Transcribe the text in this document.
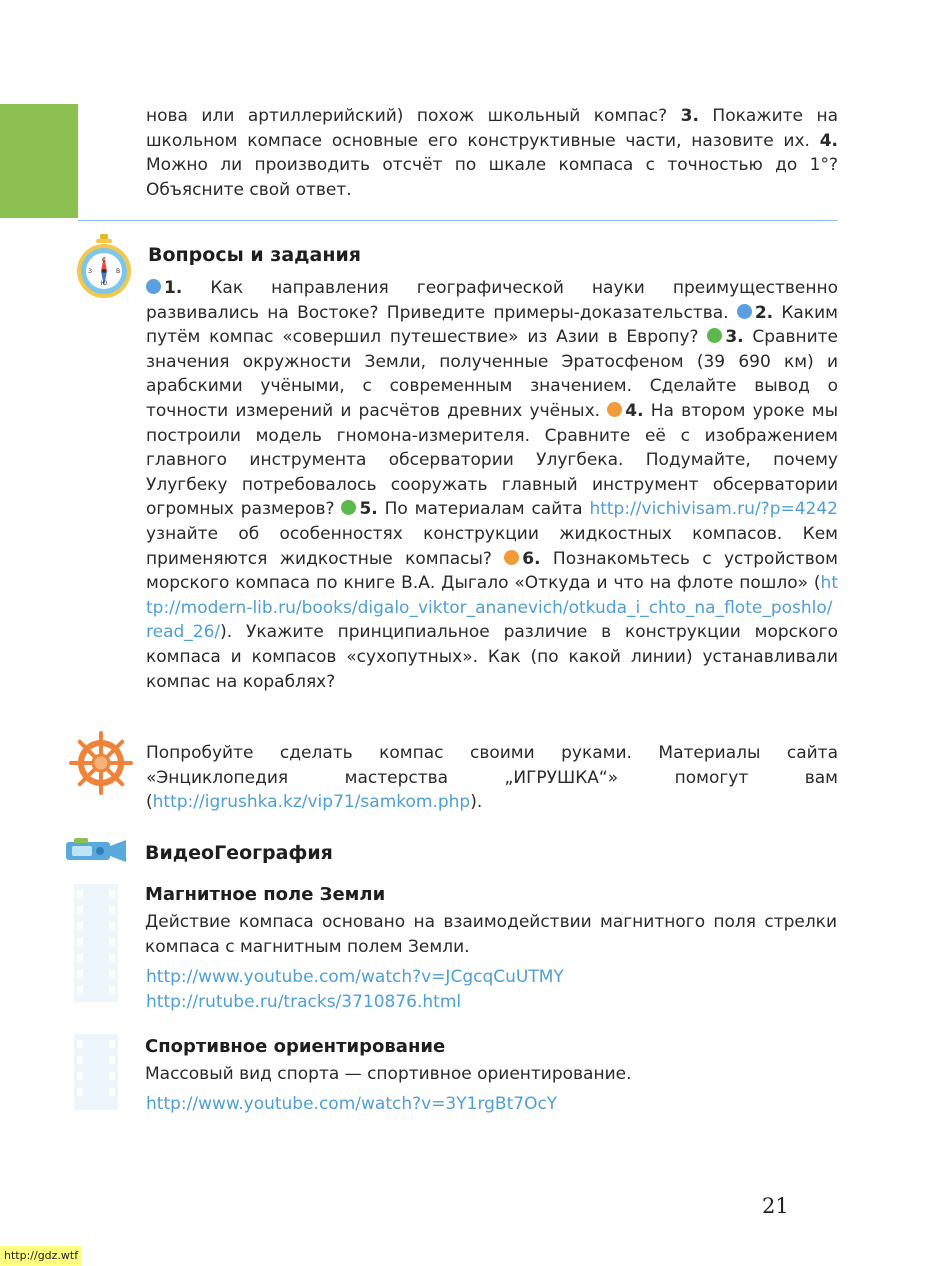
нова или артиллерийский) похож школьный компас? 3. Покажите на школьном компасе основные его конструктивные части, назовите их. 4. Можно ли производить отсчёт по шкале компаса с точностью до 1°? Объясните свой ответ.

С
В
Ю
З
Вопросы и задания

1. Как направления географической науки преимущественно развивались на Востоке? Приведите примеры-доказательства. 2. Каким путём компас «совершил путешествие» из Азии в Европу? 3. Сравните значения окружности Земли, полученные Эратосфеном (39 690 км) и арабскими учёными, с современным значением. Сделайте вывод о точности измерений и расчётов древних учёных. 4. На втором уроке мы построили модель гномона-измерителя. Сравните её с изображением главного инструмента обсерватории Улугбека. Подумайте, почему Улугбеку потребовалось сооружать главный инструмент обсерватории огромных размеров? 5. По материалам сайта http://vichivisam.ru/?p=4242 узнайте об особенностях конструкции жидкостных компасов. Кем применяются жидкостные компасы? 6. Познакомьтесь с устройством морского компаса по книге В.А. Дыгало «Откуда и что на флоте пошло» (http://modern-lib.ru/books/digalo_viktor_ananevich/otkuda_i_chto_na_flote_poshlo/read_26/). Укажите принципиальное различие в конструкции морского компаса и компасов «сухопутных». Как (по какой линии) устанавливали компас на кораблях?

Попробуйте сделать компас своими руками. Материалы сайта «Энциклопедия мастерства „ИГРУШКА“» помогут вам (http://igrushka.kz/vip71/samkom.php).

ВидеоГеография
Магнитное поле Земли

Действие компаса основано на взаимодействии магнитного поля стрелки компаса с магнитным полем Земли.

http://www.youtube.com/watch?v=JCgcqCuUTMY

http://rutube.ru/tracks/3710876.html

Спортивное ориентирование

Массовый вид спорта — спортивное ориентирование.

http://www.youtube.com/watch?v=3Y1rgBt7OcY

21

http://gdz.wtf
